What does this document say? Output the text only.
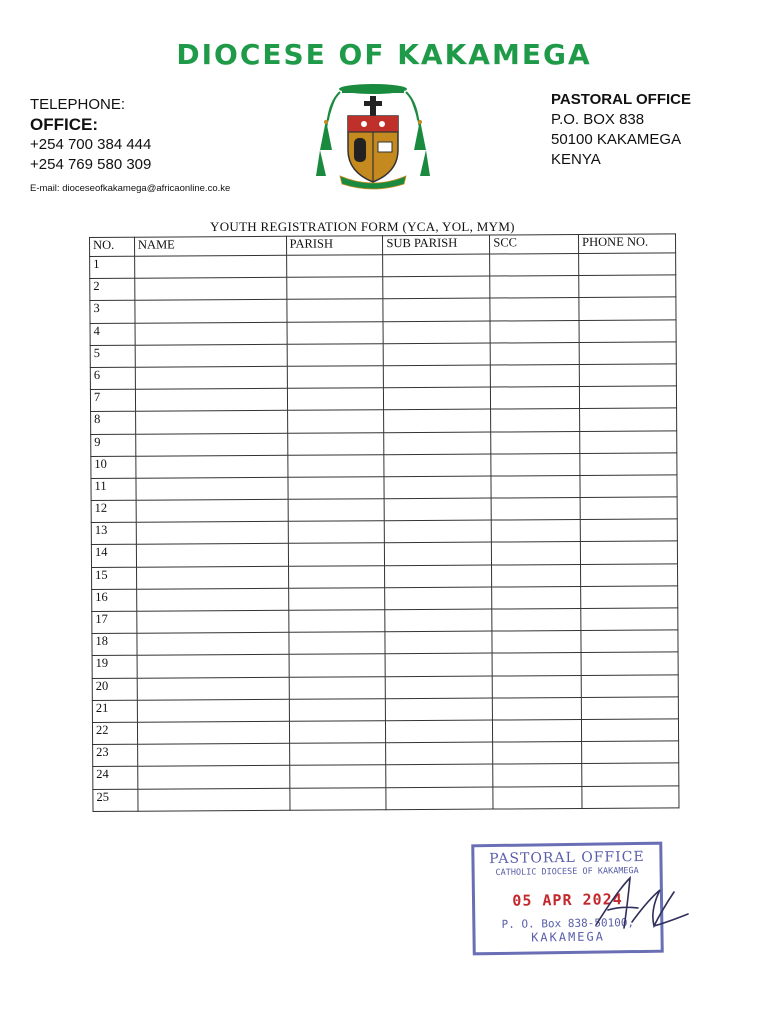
DIOCESE OF KAKAMEGA
TELEPHONE:
OFFICE:
+254 700 384 444
+254 769 580 309
E-mail: dioceseofkakamega@africaonline.co.ke
PASTORAL OFFICE
P.O. BOX 838
50100 KAKAMEGA
KENYA
YOUTH REGISTRATION FORM (YCA, YOL, MYM)
NO.	NAME	PARISH	SUB PARISH	SCC	PHONE NO.
1					
2					
3					
4					
5					
6					
7					
8					
9					
10					
11					
12					
13					
14					
15					
16					
17					
18					
19					
20					
21					
22					
23					
24					
25					
PASTORAL OFFICE
CATHOLIC DIOCESE OF KAKAMEGA
05 APR 2024
P. O. Box 838-50100,
KAKAMEGA
